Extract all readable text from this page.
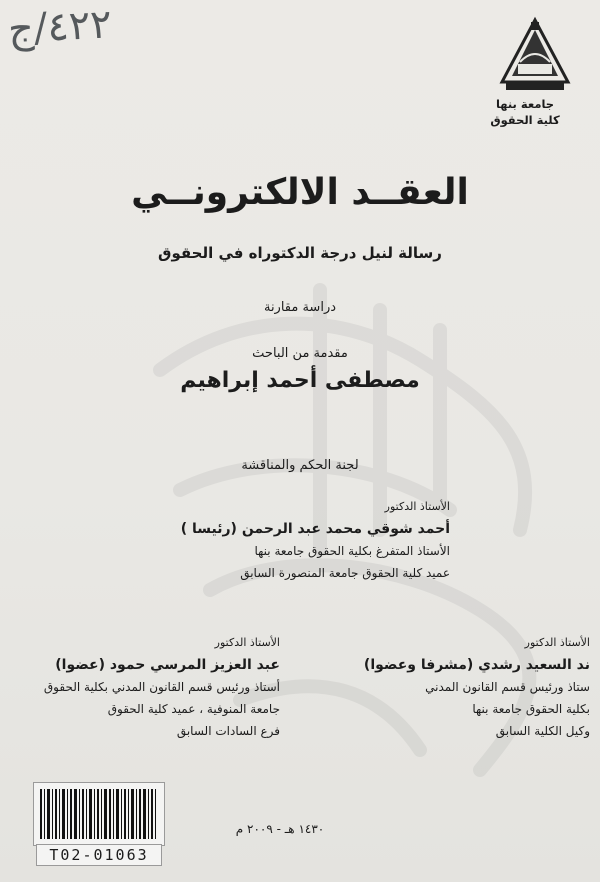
٤٢٢/ج
جامعة بنها
كلية الحقوق
العقــد الالكترونــي
رسالة لنيل درجة الدكتوراه في الحقوق
دراسة مقارنة
مقدمة من الباحث
مصطفى أحمد إبراهيم
لجنة الحكم والمناقشة
الأستاذ الدكتور
أحمد شوقي محمد عبد الرحمن (رئيسا )
الأستاذ المتفرغ بكلية الحقوق جامعة بنها
عميد كلية الحقوق جامعة المنصورة السابق
الأستاذ الدكتور
عبد العزيز المرسي حمود (عضوا)
أستاذ ورئيس قسم القانون المدني بكلية الحقوق
جامعة المنوفية ، عميد كلية الحقوق
فرع السادات السابق
الأستاذ الدكتور
ند السعيد رشدي (مشرفا وعضوا)
ستاذ ورئيس قسم القانون المدني
بكلية الحقوق جامعة بنها
وكيل الكلية السابق
١٤٣٠ هـ - ٢٠٠٩ م
T02-01063
